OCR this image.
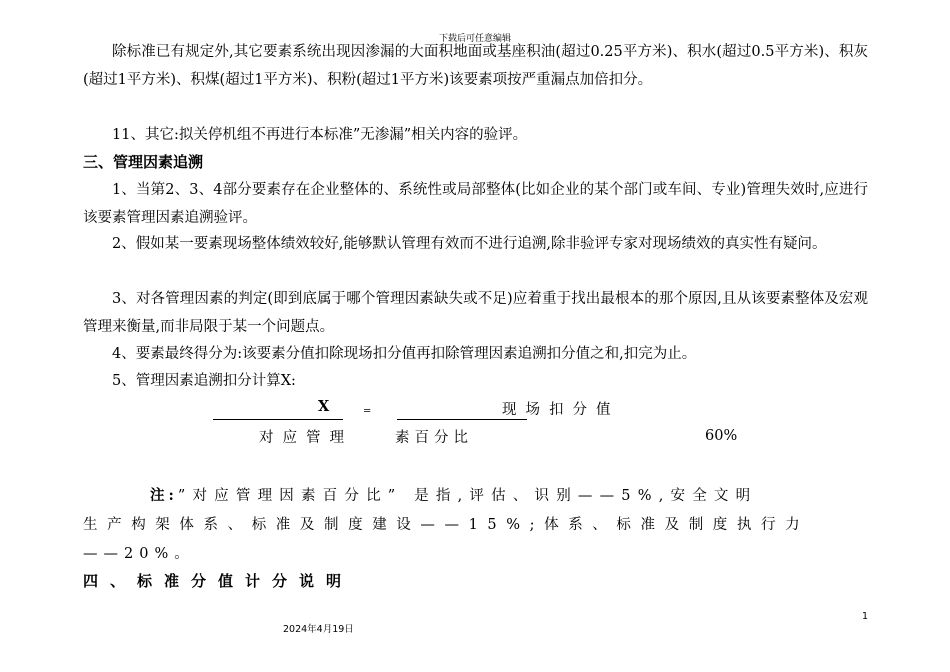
下载后可任意编辑
除标准已有规定外,其它要素系统出现因渗漏的大面积地面或基座积油(超过0.25平方米)、积水(超过0.5平方米)、积灰(超过1平方米)、积煤(超过1平方米)、积粉(超过1平方米)该要素项按严重漏点加倍扣分。
11、其它:拟关停机组不再进行本标准”无渗漏”相关内容的验评。
三、管理因素追溯
1、当第2、3、4部分要素存在企业整体的、系统性或局部整体(比如企业的某个部门或车间、专业)管理失效时,应进行该要素管理因素追溯验评。
2、假如某一要素现场整体绩效较好,能够默认管理有效而不进行追溯,除非验评专家对现场绩效的真实性有疑问。
3、对各管理因素的判定(即到底属于哪个管理因素缺失或不足)应着重于找出最根本的那个原因,且从该要素整体及宏观管理来衡量,而非局限于某一个问题点。
4、要素最终得分为:该要素分值扣除现场扣分值再扣除管理因素追溯扣分值之和,扣完为止。
5、管理因素追溯扣分计算X:
X	=	现场扣分值
对应管理	素百分比	60%
注:”对应管理因素百分比” 是指,评估、识别——5%,安全文明
生产构架体系、标准及制度建设——15%;体系、标准及制度执行力
——20%。
四、标准分值计分说明
1
2024年4月19日
